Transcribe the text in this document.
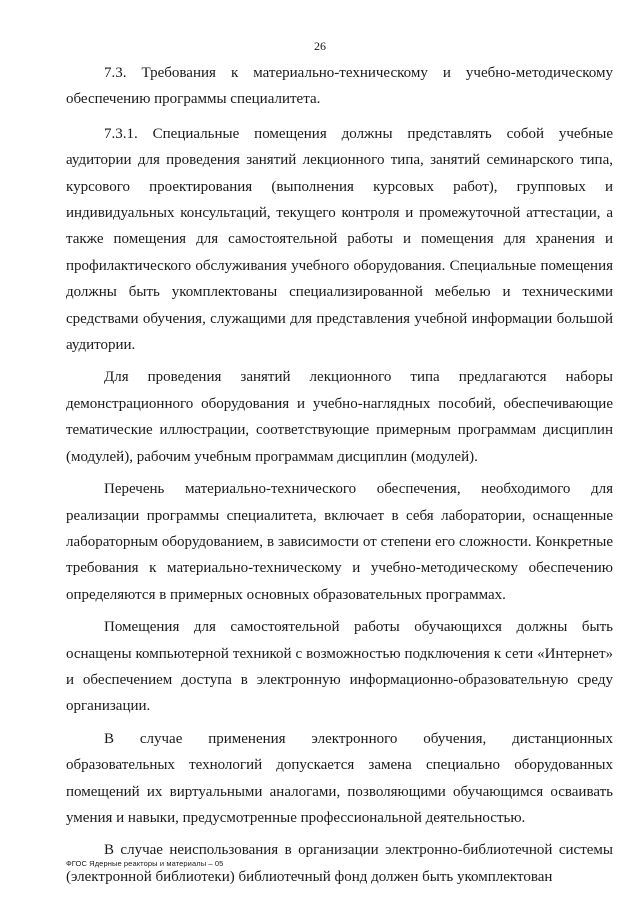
26

7.3. Требования к материально-техническому и учебно-методическому обеспечению программы специалитета.

7.3.1. Специальные помещения должны представлять собой учебные аудитории для проведения занятий лекционного типа, занятий семинарского типа, курсового проектирования (выполнения курсовых работ), групповых и индивидуальных консультаций, текущего контроля и промежуточной аттестации, а также помещения для самостоятельной работы и помещения для хранения и профилактического обслуживания учебного оборудования. Специальные помещения должны быть укомплектованы специализированной мебелью и техническими средствами обучения, служащими для представления учебной информации большой аудитории.

Для проведения занятий лекционного типа предлагаются наборы демонстрационного оборудования и учебно-наглядных пособий, обеспечивающие тематические иллюстрации, соответствующие примерным программам дисциплин (модулей), рабочим учебным программам дисциплин (модулей).

Перечень материально-технического обеспечения, необходимого для реализации программы специалитета, включает в себя лаборатории, оснащенные лабораторным оборудованием, в зависимости от степени его сложности. Конкретные требования к материально-техническому и учебно-методическому обеспечению определяются в примерных основных образовательных программах.

Помещения для самостоятельной работы обучающихся должны быть оснащены компьютерной техникой с возможностью подключения к сети «Интернет» и обеспечением доступа в электронную информационно-образовательную среду организации.

В случае применения электронного обучения, дистанционных образовательных технологий допускается замена специально оборудованных помещений их виртуальными аналогами, позволяющими обучающимся осваивать умения и навыки, предусмотренные профессиональной деятельностью.

В случае неиспользования в организации электронно-библиотечной системы (электронной библиотеки) библиотечный фонд должен быть укомплектован

ФГОС Ядерные реакторы и материалы – 05
